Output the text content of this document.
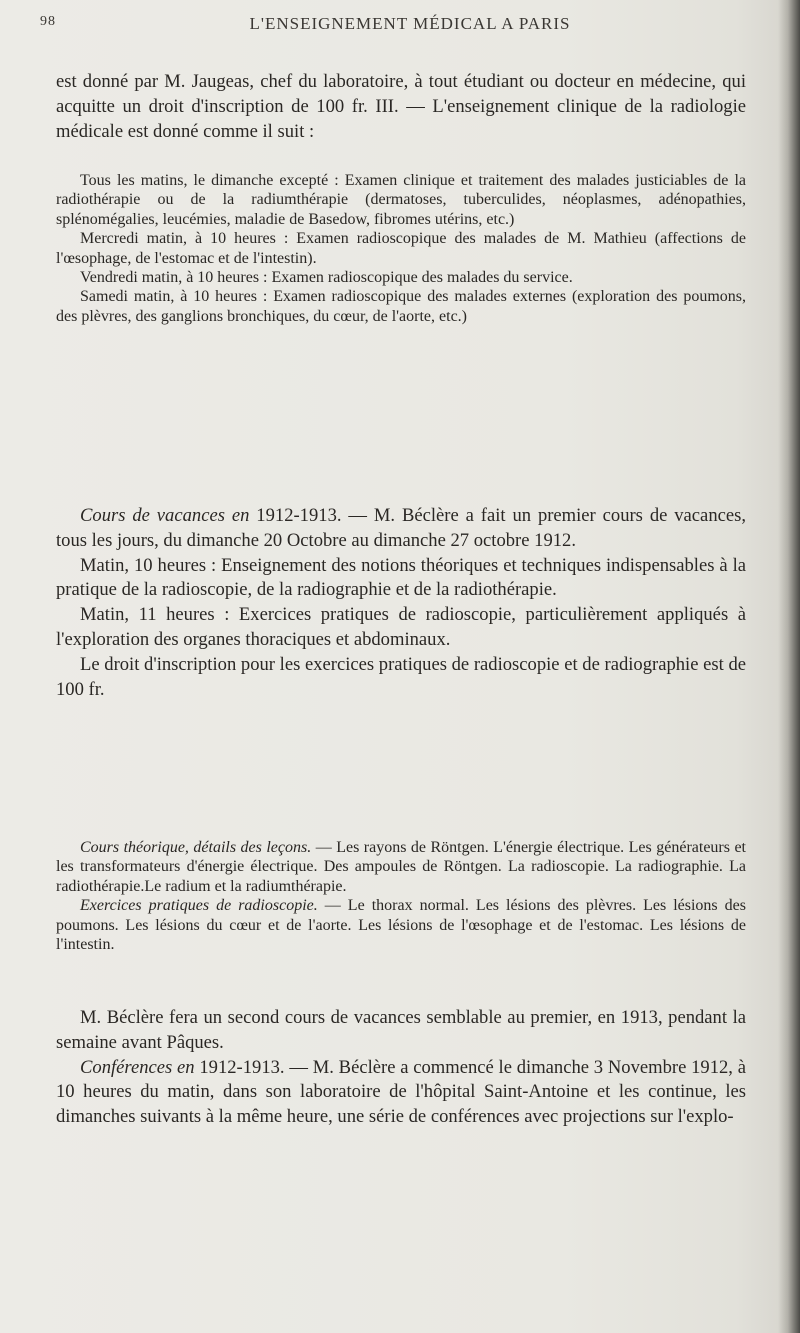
98	L'ENSEIGNEMENT MÉDICAL A PARIS

est donné par M. Jaugeas, chef du laboratoire, à tout étudiant ou docteur en médecine, qui acquitte un droit d'inscription de 100 fr. III. — L'enseignement clinique de la radiologie médicale est donné comme il suit :

Tous les matins, le dimanche excepté : Examen clinique et traitement des malades justiciables de la radiothérapie ou de la radiumthérapie (dermatoses, tuberculides, néoplasmes, adénopathies, splénomégalies, leucémies, maladie de Basedow, fibromes utérins, etc.)

Mercredi matin, à 10 heures : Examen radioscopique des malades de M. Mathieu (affections de l'œsophage, de l'estomac et de l'intestin).

Vendredi matin, à 10 heures : Examen radioscopique des malades du service.

Samedi matin, à 10 heures : Examen radioscopique des malades externes (exploration des poumons, des plèvres, des ganglions bronchiques, du cœur, de l'aorte, etc.)

Cours de vacances en 1912-1913. — M. Béclère a fait un premier cours de vacances, tous les jours, du dimanche 20 Octobre au dimanche 27 octobre 1912.

Matin, 10 heures : Enseignement des notions théoriques et techniques indispensables à la pratique de la radioscopie, de la radiographie et de la radiothérapie.

Matin, 11 heures : Exercices pratiques de radioscopie, particulièrement appliqués à l'exploration des organes thoraciques et abdominaux.

Le droit d'inscription pour les exercices pratiques de radioscopie et de radiographie est de 100 fr.

Cours théorique, détails des leçons. — Les rayons de Röntgen. L'énergie électrique. Les générateurs et les transformateurs d'énergie électrique. Des ampoules de Röntgen. La radioscopie. La radiographie. La radiothérapie.Le radium et la radiumthérapie.

Exercices pratiques de radioscopie. — Le thorax normal. Les lésions des plèvres. Les lésions des poumons. Les lésions du cœur et de l'aorte. Les lésions de l'œsophage et de l'estomac. Les lésions de l'intestin.

M. Béclère fera un second cours de vacances semblable au premier, en 1913, pendant la semaine avant Pâques.

Conférences en 1912-1913. — M. Béclère a commencé le dimanche 3 Novembre 1912, à 10 heures du matin, dans son laboratoire de l'hôpital Saint-Antoine et les continue, les dimanches suivants à la même heure, une série de conférences avec projections sur l'explo-
